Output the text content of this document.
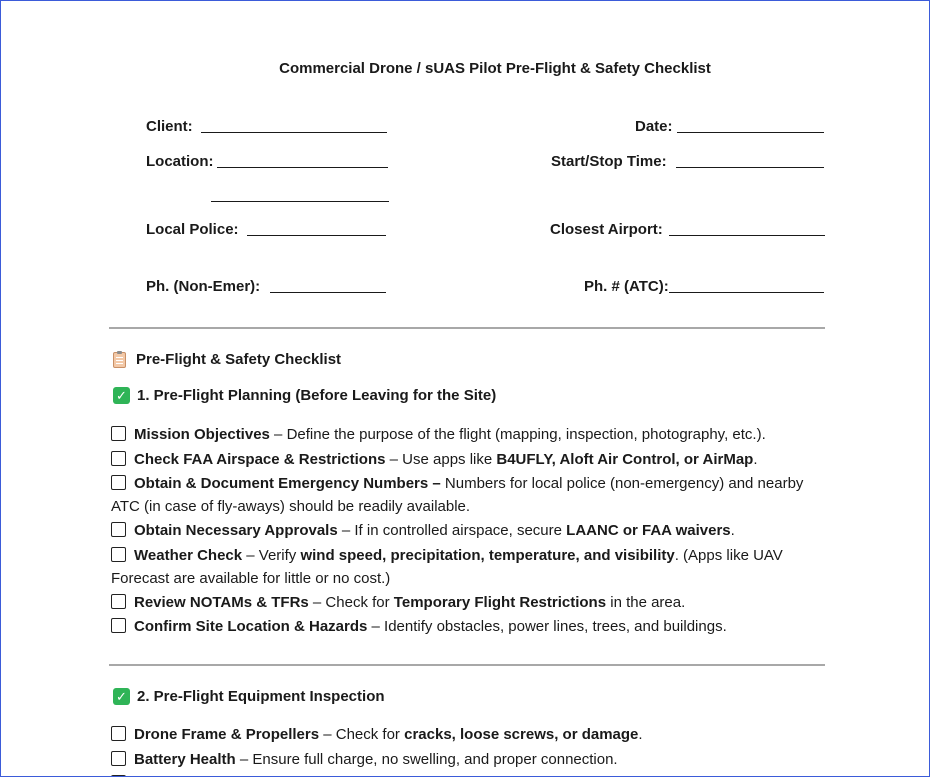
Commercial Drone / sUAS Pilot Pre-Flight & Safety Checklist
Client:	Date:
Location:	Start/Stop Time:
Local Police:	Closest Airport:
Ph. (Non-Emer):	Ph. # (ATC):
Pre-Flight & Safety Checklist
✓ 1. Pre-Flight Planning (Before Leaving for the Site)
Mission Objectives – Define the purpose of the flight (mapping, inspection, photography, etc.).
Check FAA Airspace & Restrictions – Use apps like B4UFLY, Aloft Air Control, or AirMap.
Obtain & Document Emergency Numbers – Numbers for local police (non-emergency) and nearby ATC (in case of fly-aways) should be readily available.
Obtain Necessary Approvals – If in controlled airspace, secure LAANC or FAA waivers.
Weather Check – Verify wind speed, precipitation, temperature, and visibility. (Apps like UAV Forecast are available for little or no cost.)
Review NOTAMs & TFRs – Check for Temporary Flight Restrictions in the area.
Confirm Site Location & Hazards – Identify obstacles, power lines, trees, and buildings.
✓ 2. Pre-Flight Equipment Inspection
Drone Frame & Propellers – Check for cracks, loose screws, or damage.
Battery Health – Ensure full charge, no swelling, and proper connection.
